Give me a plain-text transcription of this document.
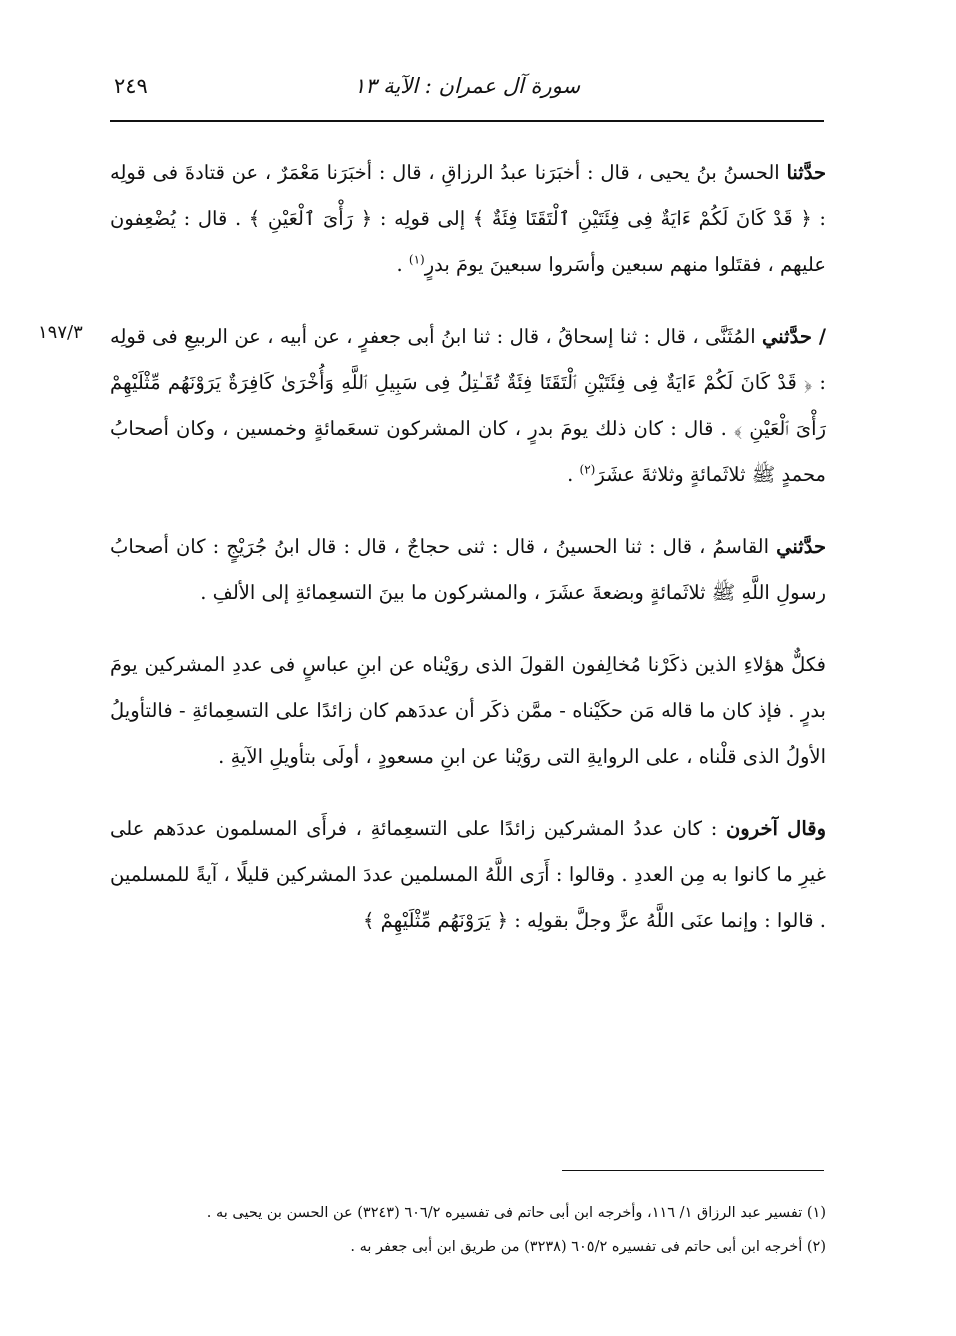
سورة آل عمران : الآية ١٣
٢٤٩
١٩٧/٣

حدَّثنا الحسنُ بنُ يحيى ، قال : أخبَرَنا عبدُ الرزاقِ ، قال : أخبَرَنا مَعْمَرٌ ، عن قتادةَ فى قولِه : ﴿ قَدْ كَانَ لَكُمْ ءَايَةٌ فِى فِئَتَيْنِ ٱلْتَقَتَا فِئَةٌ ﴾ إلى قولِه : ﴿ رَأْىَ ٱلْعَيْنِ ﴾ . قال : يُضْعِفون عليهم ، فقتَلوا منهم سبعين وأسَروا سبعينَ يومَ بدرٍ$^{(١)}$ .

/ حدَّثني المُثَنَّى ، قال : ثنا إسحاقُ ، قال : ثنا ابنُ أبى جعفرٍ ، عن أبيه ، عن الربيعِ فى قولِه : ﴿ قَدْ كَانَ لَكُمْ ءَايَةٌ فِى فِئَتَيْنِ ٱلْتَقَتَا فِئَةٌ تُقَـٰتِلُ فِى سَبِيلِ ٱللَّهِ وَأُخْرَىٰ كَافِرَةٌ يَرَوْنَهُم مِّثْلَيْهِمْ رَأْىَ ٱلْعَيْنِ ﴾ . قال : كان ذلك يومَ بدرٍ ، كان المشركون تسعَمائةٍ وخمسين ، وكان أصحابُ محمدٍ ﷺ ثلاثَمائةٍ وثلاثةَ عشَرَ$^{(٢)}$ .

حدَّثني القاسمُ ، قال : ثنا الحسينُ ، قال : ثنى حجاجٌ ، قال : قال ابنُ جُرَيْجٍ : كان أصحابُ رسولِ اللَّهِ ﷺ ثلاثَمائةٍ وبضعةَ عشَرَ ، والمشركون ما بينَ التسعِمائةِ إلى الألفِ .

فكلٌّ هؤلاءِ الذين ذكَرْنا مُخالِفون القولَ الذى روَيْناه عن ابنِ عباسٍ فى عددِ المشركين يومَ بدرٍ . فإذ كان ما قاله مَن حكَيْناه - ممَّن ذكَر أن عددَهم كان زائدًا على التسعِمائةِ - فالتأويلُ الأولُ الذى قلْناه ، على الروايةِ التى روَيْنا عن ابنِ مسعودٍ ، أولَى بتأويلِ الآيةِ .

وقال آخرون : كان عددُ المشركين زائدًا على التسعِمائةِ ، فرأَى المسلمون عددَهم على غيرِ ما كانوا به مِن العددِ . وقالوا : أَرَى اللَّهُ المسلمين عددَ المشركين قليلًا ، آيةً للمسلمين . قالوا : وإنما عنَى اللَّهُ عزَّ وجلَّ بقولِه : ﴿ يَرَوْنَهُم مِّثْلَيْهِمْ ﴾

(١) تفسير عبد الرزاق ١/ ١١٦، وأخرجه ابن أبى حاتم فى تفسيره ٦٠٦/٢ (٣٢٤٣) عن الحسن بن يحيى به .

(٢) أخرجه ابن أبى حاتم فى تفسيره ٦٠٥/٢ (٣٢٣٨) من طريق ابن أبى جعفر به .
